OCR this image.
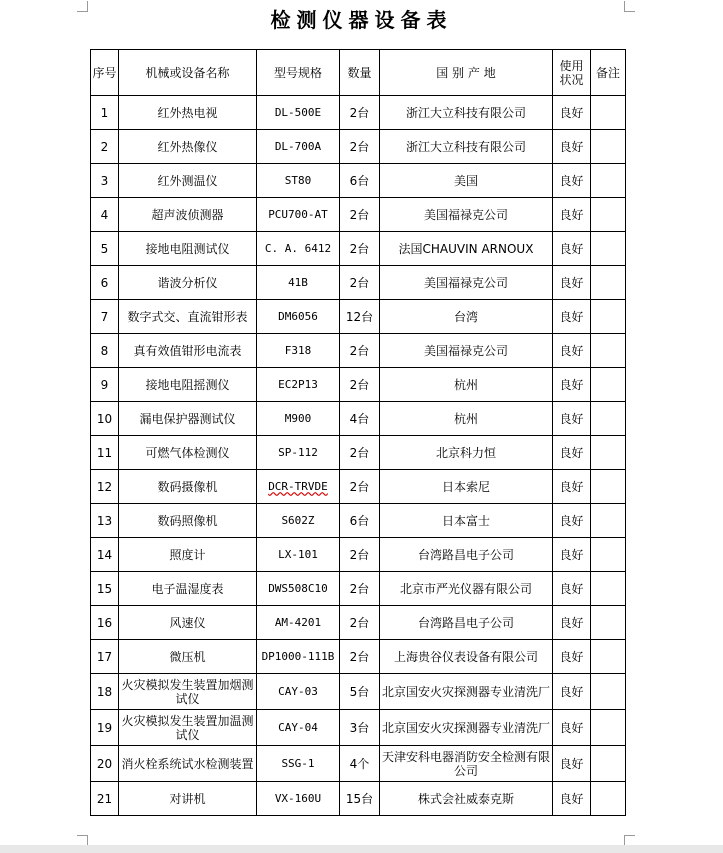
检测仪器设备表
序号	机械或设备名称	型号规格	数量	国 别 产 地	使用状况	备注
1	红外热电视	DL-500E	2台	浙江大立科技有限公司	良好	
2	红外热像仪	DL-700A	2台	浙江大立科技有限公司	良好	
3	红外测温仪	ST80	6台	美国	良好	
4	超声波侦测器	PCU700-AT	2台	美国福禄克公司	良好	
5	接地电阻测试仪	C. A. 6412	2台	法国CHAUVIN ARNOUX	良好	
6	谐波分析仪	41B	2台	美国福禄克公司	良好	
7	数字式交、直流钳形表	DM6056	12台	台湾	良好	
8	真有效值钳形电流表	F318	2台	美国福禄克公司	良好	
9	接地电阻摇测仪	EC2P13	2台	杭州	良好	
10	漏电保护器测试仪	M900	4台	杭州	良好	
11	可燃气体检测仪	SP-112	2台	北京科力恒	良好	
12	数码摄像机	DCR-TRVDE	2台	日本索尼	良好	
13	数码照像机	S602Z	6台	日本富士	良好	
14	照度计	LX-101	2台	台湾路昌电子公司	良好	
15	电子温湿度表	DWS508C10	2台	北京市严光仪器有限公司	良好	
16	风速仪	AM-4201	2台	台湾路昌电子公司	良好	
17	微压机	DP1000-111B	2台	上海贵谷仪表设备有限公司	良好	
18	火灾模拟发生装置加烟测试仪	CAY-03	5台	北京国安火灾探测器专业清洗厂	良好	
19	火灾模拟发生装置加温测试仪	CAY-04	3台	北京国安火灾探测器专业清洗厂	良好	
20	消火栓系统试水检测装置	SSG-1	4个	天津安科电器消防安全检测有限公司	良好	
21	对讲机	VX-160U	15台	株式会社威泰克斯	良好	
